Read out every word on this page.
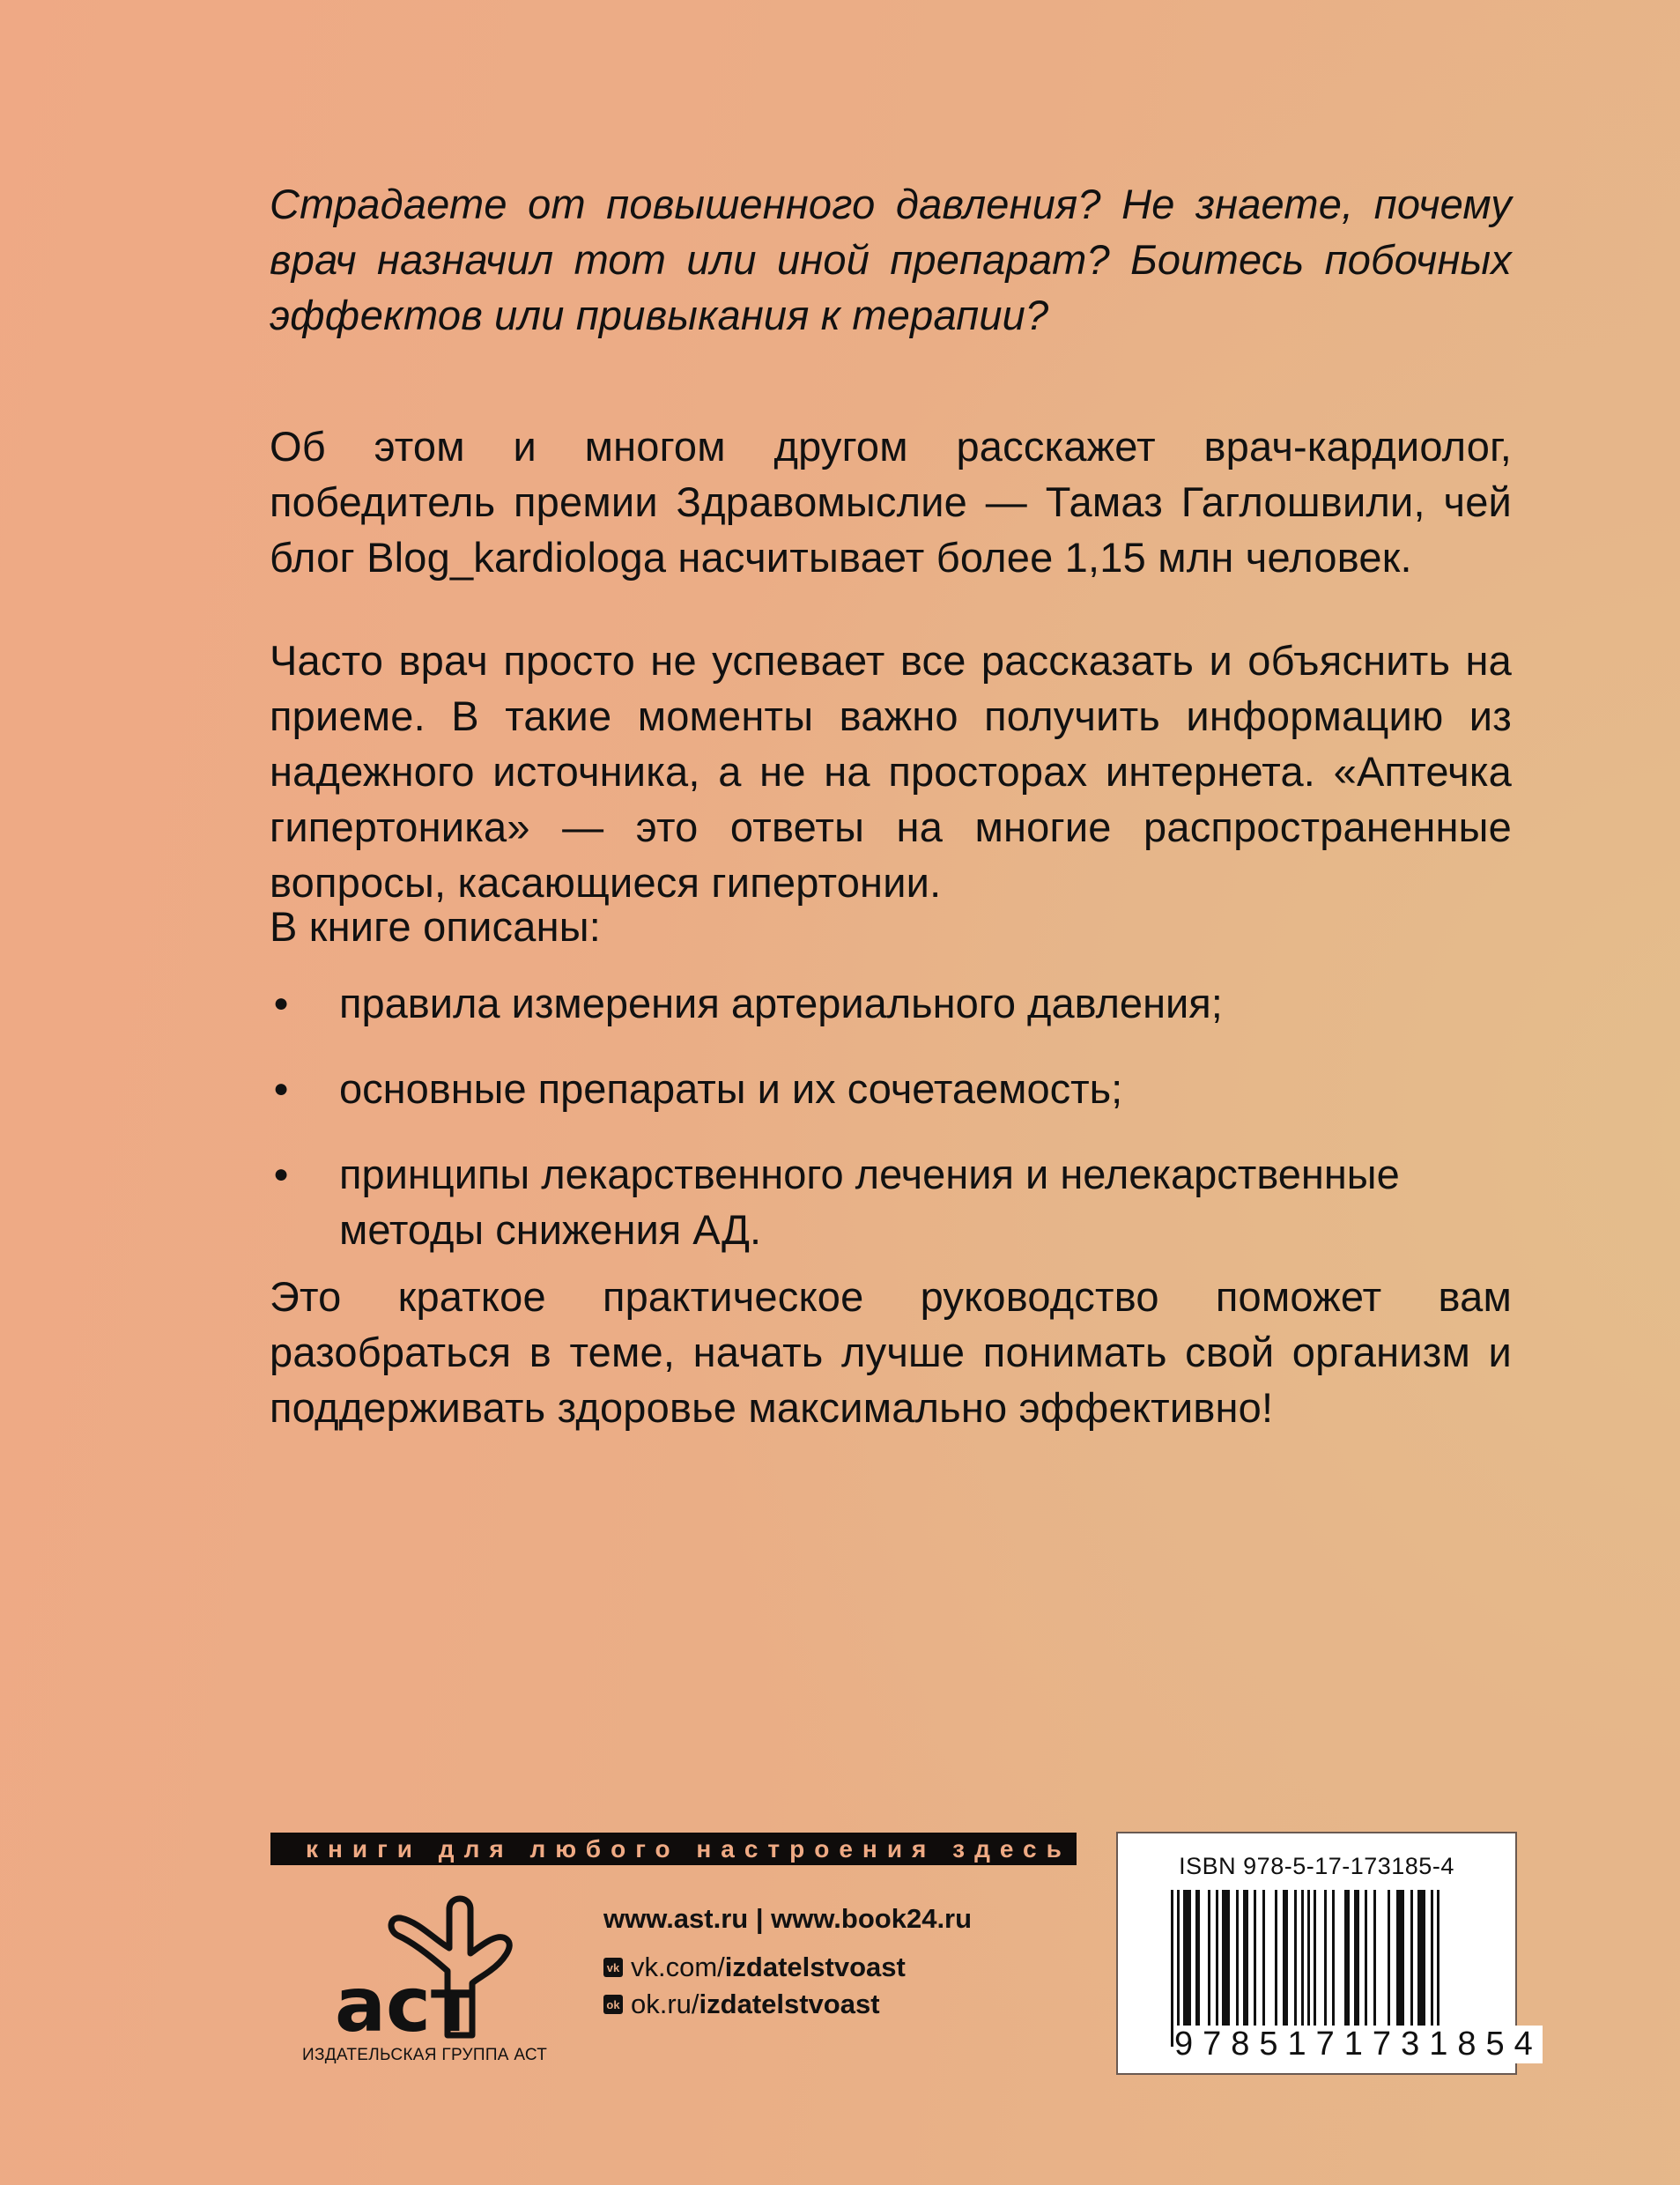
Страдаете от повышенного давления? Не знаете, почему врач назначил тот или иной препарат? Боитесь побочных эффектов или привыкания к терапии?

Об этом и многом другом расскажет врач-кардиолог, победитель премии Здравомыслие — Тамаз Гаглошвили, чей блог Blog_kardiologa насчитывает более 1,15 млн человек.

Часто врач просто не успевает все рассказать и объяснить на приеме. В такие моменты важно получить информацию из надежного источника, а не на просторах интернета. «Аптечка гипертоника» — это ответы на многие распространенные вопросы, касающиеся гипертонии.

В книге описаны:

●	правила измерения артериального давления;
●	основные препараты и их сочетаемость;
●	принципы лекарственного лечения и нелекарственные методы снижения АД.

Это краткое практическое руководство поможет вам разобраться в теме, начать лучше понимать свой организм и поддерживать здоровье максимально эффективно!

книги для любого настроения здесь
аст
ИЗДАТЕЛЬСКАЯ ГРУППА АСТ
www.ast.ru | www.book24.ru
vk vk.com/ izdatelstvoast
ok ok.ru/ izdatelstvoast
ISBN 978-5-17-173185-4
9785171731854
